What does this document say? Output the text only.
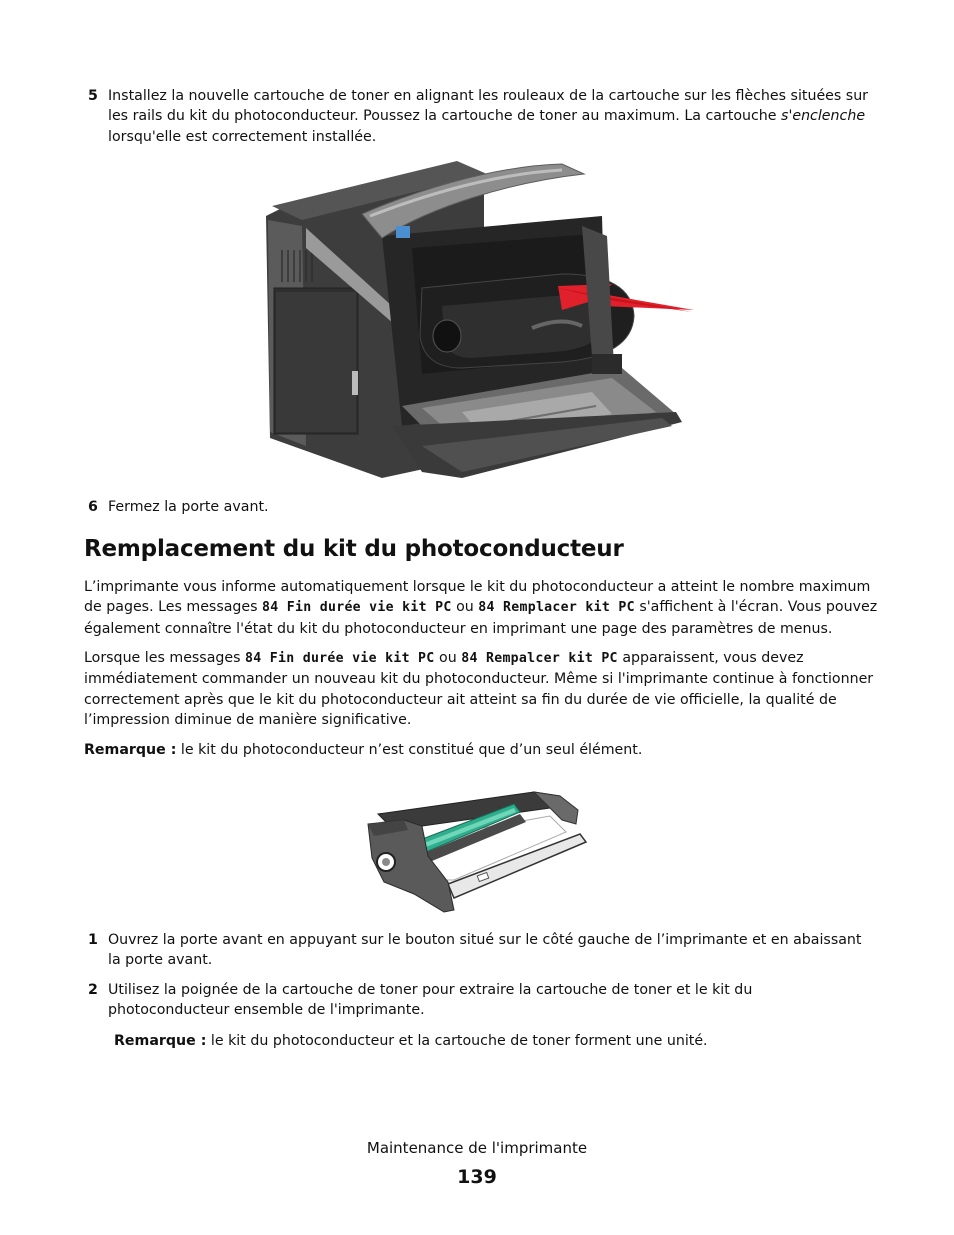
5 Installez la nouvelle cartouche de toner en alignant les rouleaux de la cartouche sur les flèches situées sur les rails du kit du photoconducteur. Poussez la cartouche de toner au maximum. La cartouche s'enclenche lorsqu'elle est correctement installée.
6 Fermez la porte avant.
Remplacement du kit du photoconducteur
L’imprimante vous informe automatiquement lorsque le kit du photoconducteur a atteint le nombre maximum de pages. Les messages 84 Fin durée vie kit PC ou 84 Remplacer kit PC s'affichent à l'écran. Vous pouvez également connaître l'état du kit du photoconducteur en imprimant une page des paramètres de menus.
Lorsque les messages 84 Fin durée vie kit PC ou 84 Rempalcer kit PC apparaissent, vous devez immédiatement commander un nouveau kit du photoconducteur. Même si l'imprimante continue à fonctionner correctement après que le kit du photoconducteur ait atteint sa fin du durée de vie officielle, la qualité de l’impression diminue de manière significative.
Remarque : le kit du photoconducteur n’est constitué que d’un seul élément.
1 Ouvrez la porte avant en appuyant sur le bouton situé sur le côté gauche de l’imprimante et en abaissant la porte avant.
2 Utilisez la poignée de la cartouche de toner pour extraire la cartouche de toner et le kit du photoconducteur ensemble de l'imprimante.
Remarque : le kit du photoconducteur et la cartouche de toner forment une unité.
Maintenance de l'imprimante
139
